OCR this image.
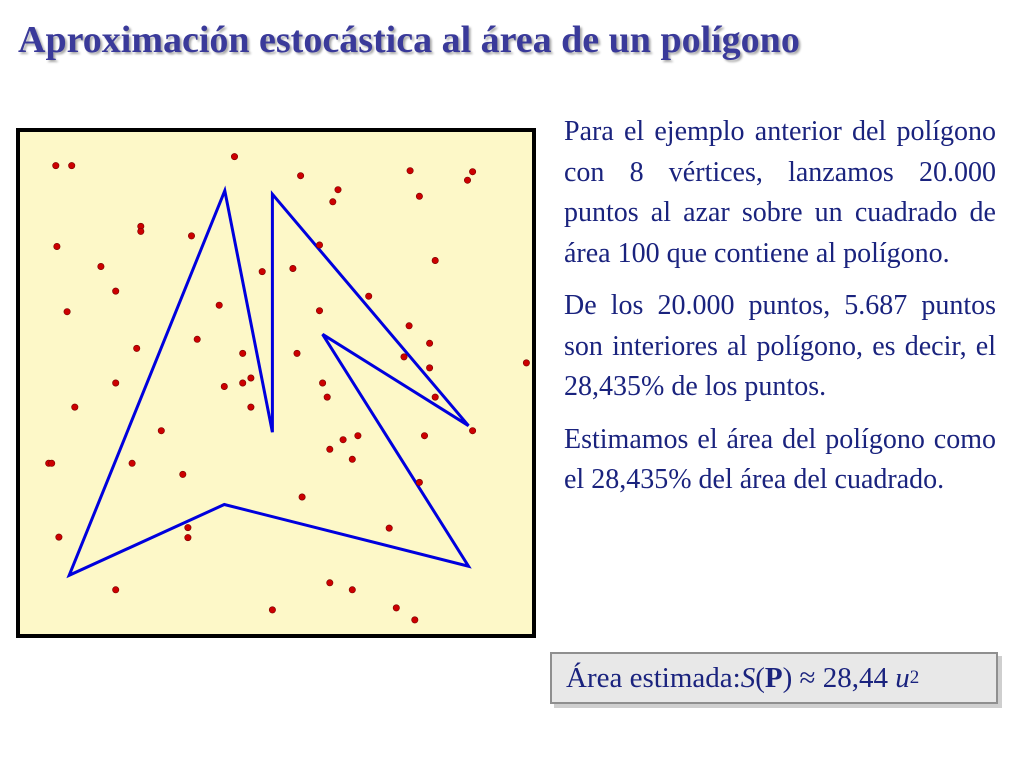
Aproximación estocástica al área de un polígono

Para el ejemplo anterior del polígono con 8 vértices, lanzamos 20.000 puntos al azar sobre un cuadrado de área 100 que contiene al polígono.

De los 20.000 puntos, 5.687 puntos son interiores al polígono, es decir, el 28,435% de los puntos.

Estimamos el área del polígono como el 28,435% del área del cuadrado.

Área estimada: S ( P ) ≈ 28,44 u 2
